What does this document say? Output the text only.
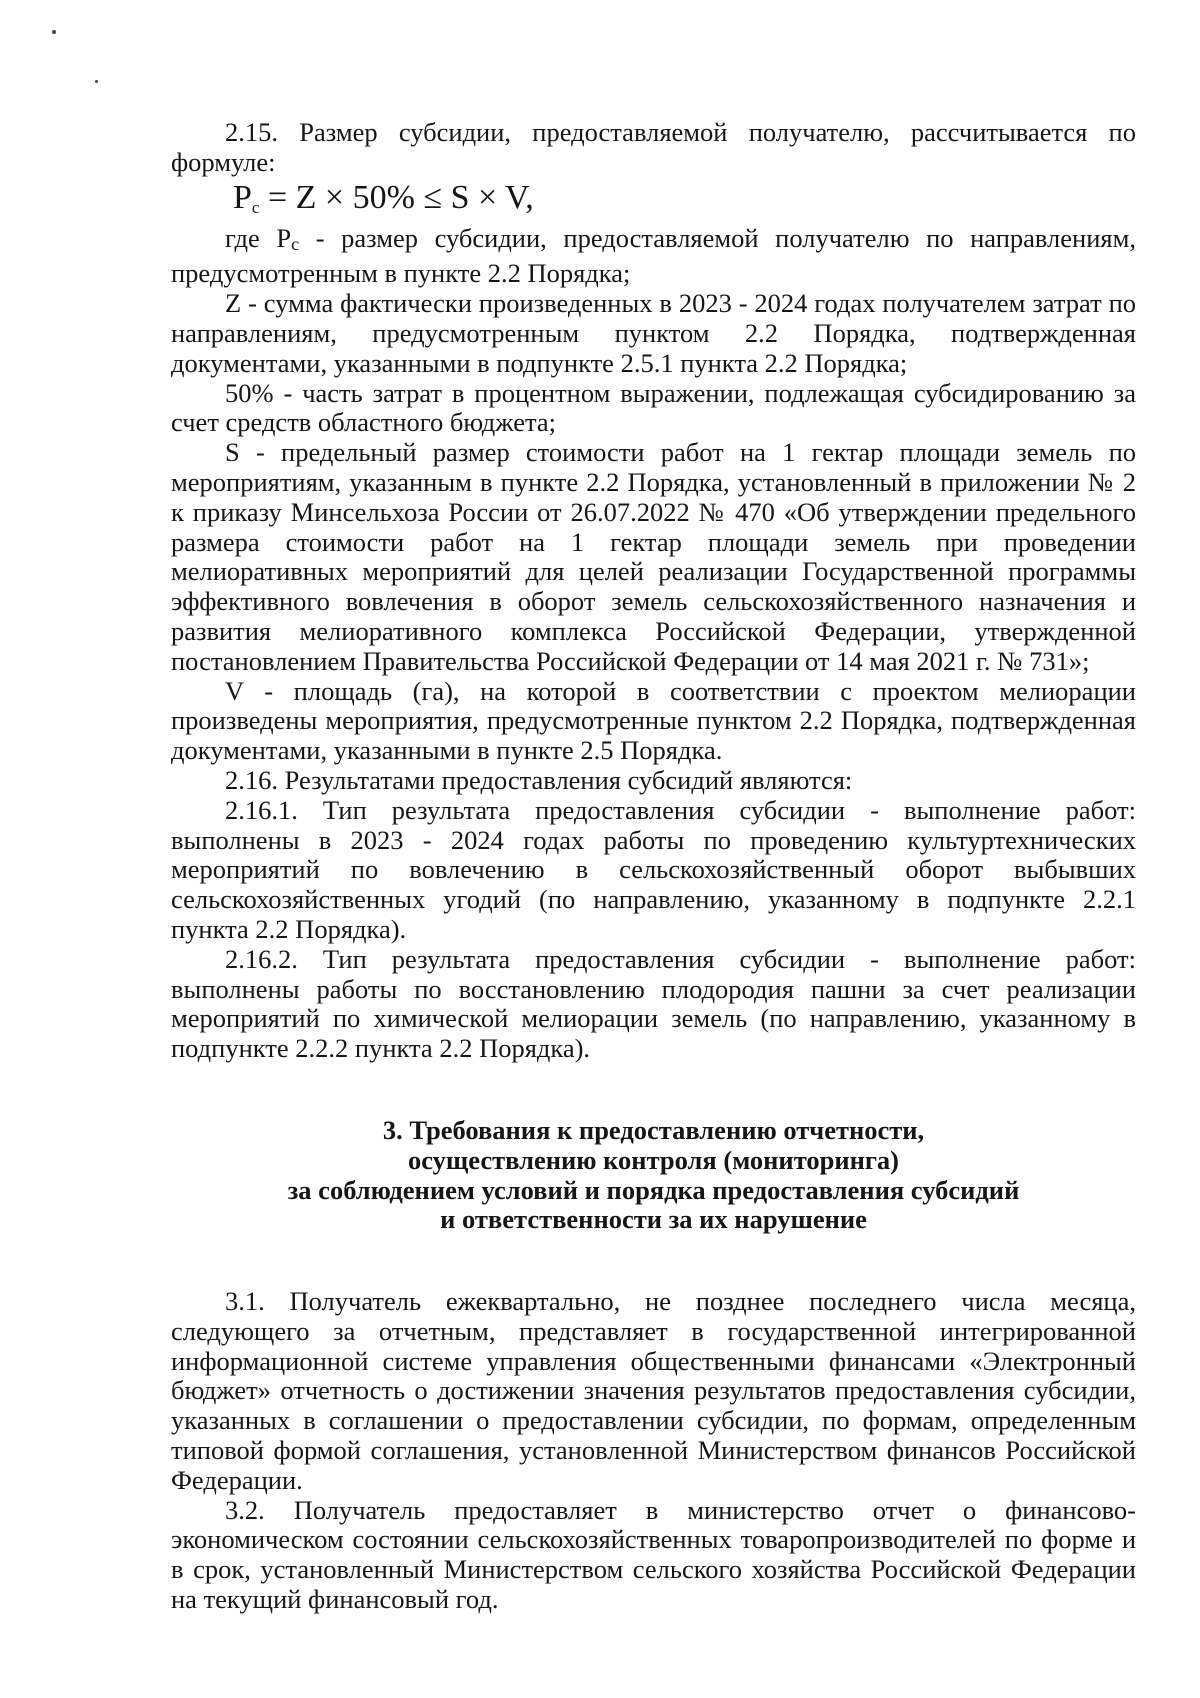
2.15. Размер субсидии, предоставляемой получателю, рассчитывается по формуле:

$P_с = Z \times 50\% \le S \times V$,

где Pс - размер субсидии, предоставляемой получателю по направлениям, предусмотренным в пункте 2.2 Порядка;

Z - сумма фактически произведенных в 2023 - 2024 годах получателем затрат по направлениям, предусмотренным пунктом 2.2 Порядка, подтвержденная документами, указанными в подпункте 2.5.1 пункта 2.2 Порядка;

50% - часть затрат в процентном выражении, подлежащая субсидированию за счет средств областного бюджета;

S - предельный размер стоимости работ на 1 гектар площади земель по мероприятиям, указанным в пункте 2.2 Порядка, установленный в приложении № 2 к приказу Минсельхоза России от 26.07.2022 № 470 «Об утверждении предельного размера стоимости работ на 1 гектар площади земель при проведении мелиоративных мероприятий для целей реализации Государственной программы эффективного вовлечения в оборот земель сельскохозяйственного назначения и развития мелиоративного комплекса Российской Федерации, утвержденной постановлением Правительства Российской Федерации от 14 мая 2021 г. № 731»;

V - площадь (га), на которой в соответствии с проектом мелиорации произведены мероприятия, предусмотренные пунктом 2.2 Порядка, подтвержденная документами, указанными в пункте 2.5 Порядка.

2.16. Результатами предоставления субсидий являются:

2.16.1. Тип результата предоставления субсидии - выполнение работ: выполнены в 2023 - 2024 годах работы по проведению культуртехнических мероприятий по вовлечению в сельскохозяйственный оборот выбывших сельскохозяйственных угодий (по направлению, указанному в подпункте 2.2.1 пункта 2.2 Порядка).

2.16.2. Тип результата предоставления субсидии - выполнение работ: выполнены работы по восстановлению плодородия пашни за счет реализации мероприятий по химической мелиорации земель (по направлению, указанному в подпункте 2.2.2 пункта 2.2 Порядка).

3. Требования к предоставлению отчетности,
осуществлению контроля (мониторинга)
за соблюдением условий и порядка предоставления субсидий
и ответственности за их нарушение

3.1. Получатель ежеквартально, не позднее последнего числа месяца, следующего за отчетным, представляет в государственной интегрированной информационной системе управления общественными финансами «Электронный бюджет» отчетность о достижении значения результатов предоставления субсидии, указанных в соглашении о предоставлении субсидии, по формам, определенным типовой формой соглашения, установленной Министерством финансов Российской Федерации.

3.2. Получатель предоставляет в министерство отчет о финансово-экономическом состоянии сельскохозяйственных товаропроизводителей по форме и в срок, установленный Министерством сельского хозяйства Российской Федерации на текущий финансовый год.
